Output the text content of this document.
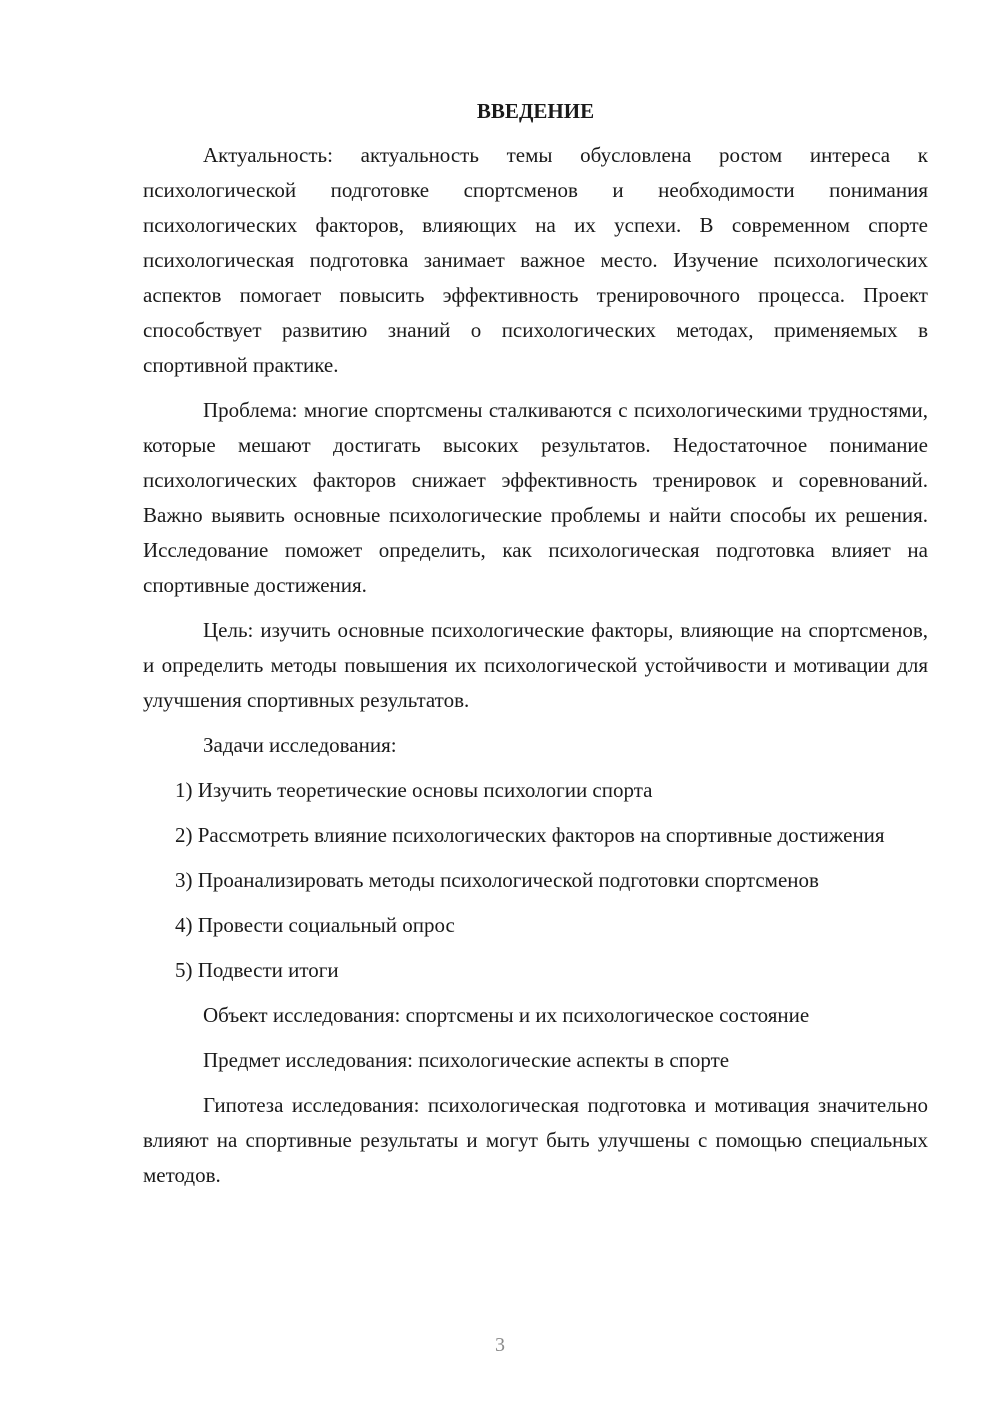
ВВЕДЕНИЕ

Актуальность: актуальность темы обусловлена ростом интереса к психологической подготовке спортсменов и необходимости понимания психологических факторов, влияющих на их успехи. В современном спорте психологическая подготовка занимает важное место. Изучение психологических аспектов помогает повысить эффективность тренировочного процесса. Проект способствует развитию знаний о психологических методах, применяемых в спортивной практике.

Проблема: многие спортсмены сталкиваются с психологическими трудностями, которые мешают достигать высоких результатов. Недостаточное понимание психологических факторов снижает эффективность тренировок и соревнований. Важно выявить основные психологические проблемы и найти способы их решения. Исследование поможет определить, как психологическая подготовка влияет на спортивные достижения.

Цель: изучить основные психологические факторы, влияющие на спортсменов, и определить методы повышения их психологической устойчивости и мотивации для улучшения спортивных результатов.

Задачи исследования:

1) Изучить теоретические основы психологии спорта

2) Рассмотреть влияние психологических факторов на спортивные достижения

3) Проанализировать методы психологической подготовки спортсменов

4) Провести социальный опрос

5) Подвести итоги

Объект исследования: спортсмены и их психологическое состояние

Предмет исследования: психологические аспекты в спорте

Гипотеза исследования: психологическая подготовка и мотивация значительно влияют на спортивные результаты и могут быть улучшены с помощью специальных методов.

3
